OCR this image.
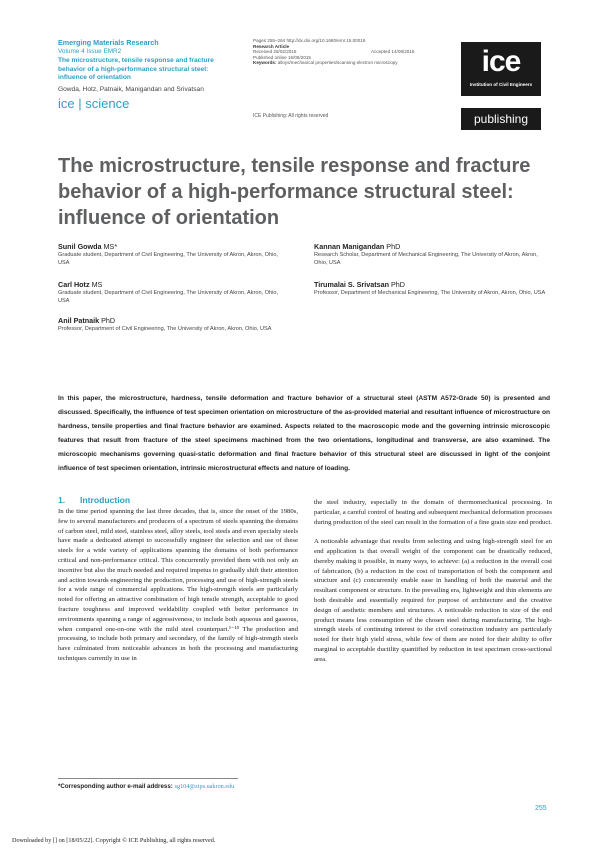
Emerging Materials Research
Volume 4 Issue EMR2
The microstructure, tensile response and fracture behavior of a high-performance structural steel: influence of orientation
Gowda, Hotz, Patnaik, Manigandan and Srivatsan
ice | science
Pages 255–264 http://dx.doi.org/10.1680/emr.15.00018
Research Article
Received 25/02/2015	Accepted 14/09/2015
Published online 16/09/2015
Keywords: alloys/mechanical properties/scanning electron microscopy
ICE Publishing: All rights reserved
ice
Institution of Civil Engineers
publishing
The microstructure, tensile response and fracture behavior of a high-performance structural steel: influence of orientation
Sunil Gowda MS*
Graduate student, Department of Civil Engineering, The University of Akron, Akron, Ohio, USA
Carl Hotz MS
Graduate student, Department of Civil Engineering, The University of Akron, Akron, Ohio, USA
Anil Patnaik PhD
Professor, Department of Civil Engineering, The University of Akron, Akron, Ohio, USA
Kannan Manigandan PhD
Research Scholar, Department of Mechanical Engineering, The University of Akron, Akron, Ohio, USA
Tirumalai S. Srivatsan PhD
Professor, Department of Mechanical Engineering, The University of Akron, Akron, Ohio, USA
In this paper, the microstructure, hardness, tensile deformation and fracture behavior of a structural steel (ASTM A572-Grade 50) is presented and discussed. Specifically, the influence of test specimen orientation on microstructure of the as-provided material and resultant influence of microstructure on hardness, tensile properties and final fracture behavior are examined. Aspects related to the macroscopic mode and the governing intrinsic microscopic features that result from fracture of the steel specimens machined from the two orientations, longitudinal and transverse, are also examined. The microscopic mechanisms governing quasi-static deformation and final fracture behavior of this structural steel are discussed in light of the conjoint influence of test specimen orientation, intrinsic microstructural effects and nature of loading.
1. Introduction

In the time period spanning the last three decades, that is, since the onset of the 1980s, few to several manufacturers and producers of a spectrum of steels spanning the domains of carbon steel, mild steel, stainless steel, alloy steels, tool steels and even specialty steels have made a dedicated attempt to successfully engineer the selection and use of these steels for a wide variety of applications spanning the domains of both performance critical and non-performance critical. This concurrently provided them with not only an incentive but also the much needed and required impetus to gradually shift their attention and action towards engineering the production, processing and use of high-strength steels for a wide range of commercial applications. The high-strength steels are particularly noted for offering an attractive combination of high tensile strength, acceptable to good fracture toughness and improved weldability coupled with better performance in environments spanning a range of aggressiveness, to include both aqueous and gaseous, when compared one-on-one with the mild steel counterpart.¹⁻¹⁰ The production and processing, to include both primary and secondary, of the family of high-strength steels have culminated from noticeable advances in both the processing and manufacturing techniques currently in use in

the steel industry, especially in the domain of thermomechanical processing. In particular, a careful control of heating and subsequent mechanical deformation processes during production of the steel can result in the formation of a fine grain size end product.

A noticeable advantage that results from selecting and using high-strength steel for an end application is that overall weight of the component can be drastically reduced, thereby making it possible, in many ways, to achieve: (a) a reduction in the overall cost of fabrication, (b) a reduction in the cost of transportation of both the component and structure and (c) concurrently enable ease in handling of both the material and the resultant component or structure. In the prevailing era, lightweight and thin elements are both desirable and essentially required for purpose of architecture and the creative design of aesthetic members and structures. A noticeable reduction in size of the end product means less consumption of the chosen steel during manufacturing. The high-strength steels of continuing interest to the civil construction industry are particularly noted for their high yield stress, while few of them are noted for their ability to offer marginal to acceptable ductility quantified by reduction in test specimen cross-sectional area.

*Corresponding author e-mail address: sg104@zips.uakron.edu
255
Downloaded by [] on [18/05/22]. Copyright © ICE Publishing, all rights reserved.
